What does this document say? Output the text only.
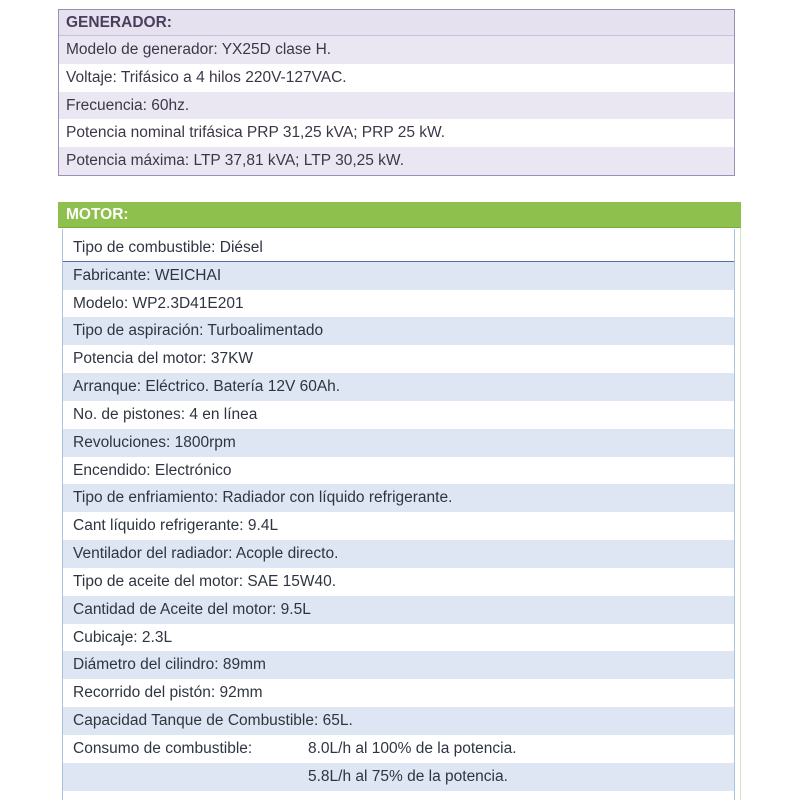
GENERADOR:
Modelo de generador: YX25D clase H.
Voltaje: Trifásico a 4 hilos 220V-127VAC.
Frecuencia: 60hz.
Potencia nominal trifásica PRP 31,25 kVA; PRP 25 kW.
Potencia máxima: LTP 37,81 kVA; LTP 30,25 kW.
MOTOR:
Tipo de combustible: Diésel
Fabricante: WEICHAI
Modelo: WP2.3D41E201
Tipo de aspiración: Turboalimentado
Potencia del motor: 37KW
Arranque: Eléctrico. Batería 12V 60Ah.
No. de pistones: 4 en línea
Revoluciones: 1800rpm
Encendido: Electrónico
Tipo de enfriamiento: Radiador con líquido refrigerante.
Cant líquido refrigerante: 9.4L
Ventilador del radiador: Acople directo.
Tipo de aceite del motor: SAE 15W40.
Cantidad de Aceite del motor: 9.5L
Cubicaje: 2.3L
Diámetro del cilindro: 89mm
Recorrido del pistón: 92mm
Capacidad Tanque de Combustible: 65L.
Consumo de combustible:	8.0L/h al 100% de la potencia.
5.8L/h al 75% de la potencia.
